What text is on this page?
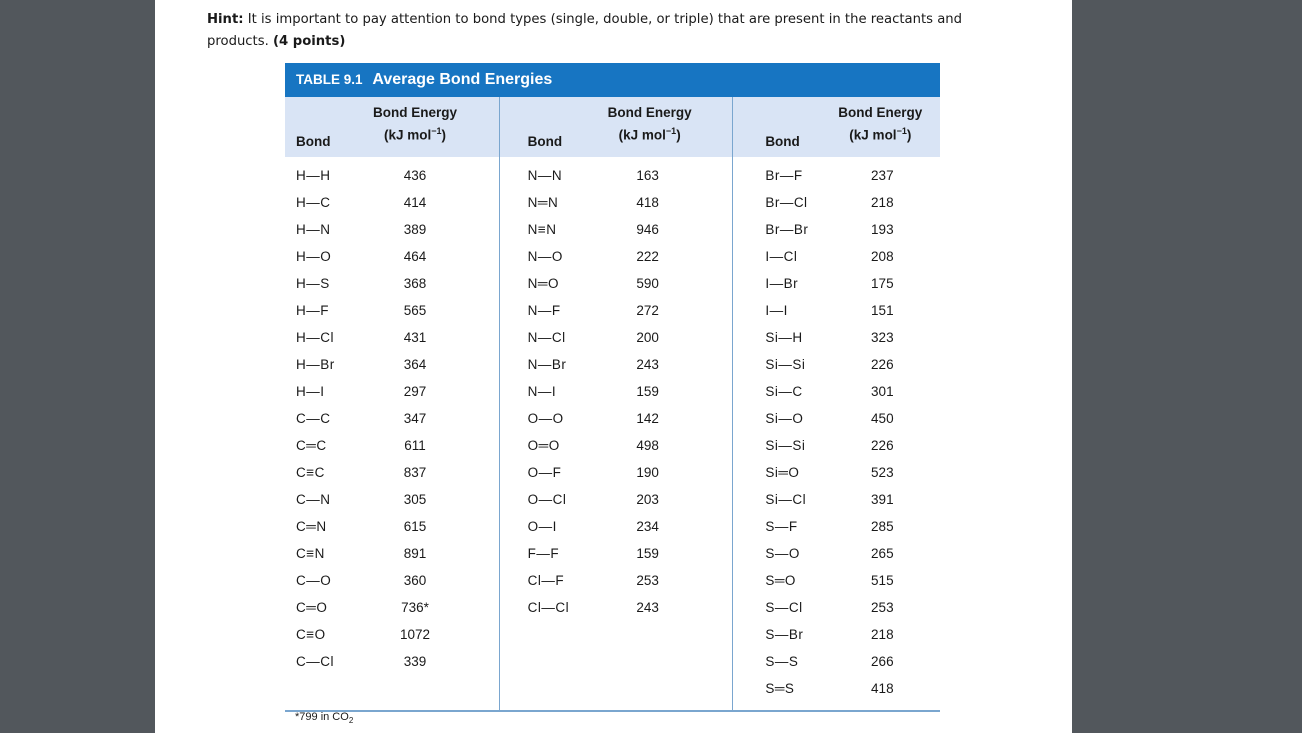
Hint: It is important to pay attention to bond types (single, double, or triple) that are present in the reactants and
products. (4 points)
TABLE 9.1 Average Bond Energies
Bond
Bond Energy
(kJ mol$^{-1}$)
H—H	436
H—C	414
H—N	389
H—O	464
H—S	368
H—F	565
H—Cl	431
H—Br	364
H—I	297
C—C	347
C═C	611
C≡C	837
C—N	305
C═N	615
C≡N	891
C—O	360
C═O	736*
C≡O	1072
C—Cl	339
Bond
Bond Energy
(kJ mol$^{-1}$)
N—N	163
N═N	418
N≡N	946
N—O	222
N═O	590
N—F	272
N—Cl	200
N—Br	243
N—I	159
O—O	142
O═O	498
O—F	190
O—Cl	203
O—I	234
F—F	159
Cl—F	253
Cl—Cl	243
Bond
Bond Energy
(kJ mol$^{-1}$)
Br—F	237
Br—Cl	218
Br—Br	193
I—Cl	208
I—Br	175
I—I	151
Si—H	323
Si—Si	226
Si—C	301
Si—O	450
Si—Si	226
Si═O	523
Si—Cl	391
S—F	285
S—O	265
S═O	515
S—Cl	253
S—Br	218
S—S	266
S═S	418
*799 in $CO_2$
